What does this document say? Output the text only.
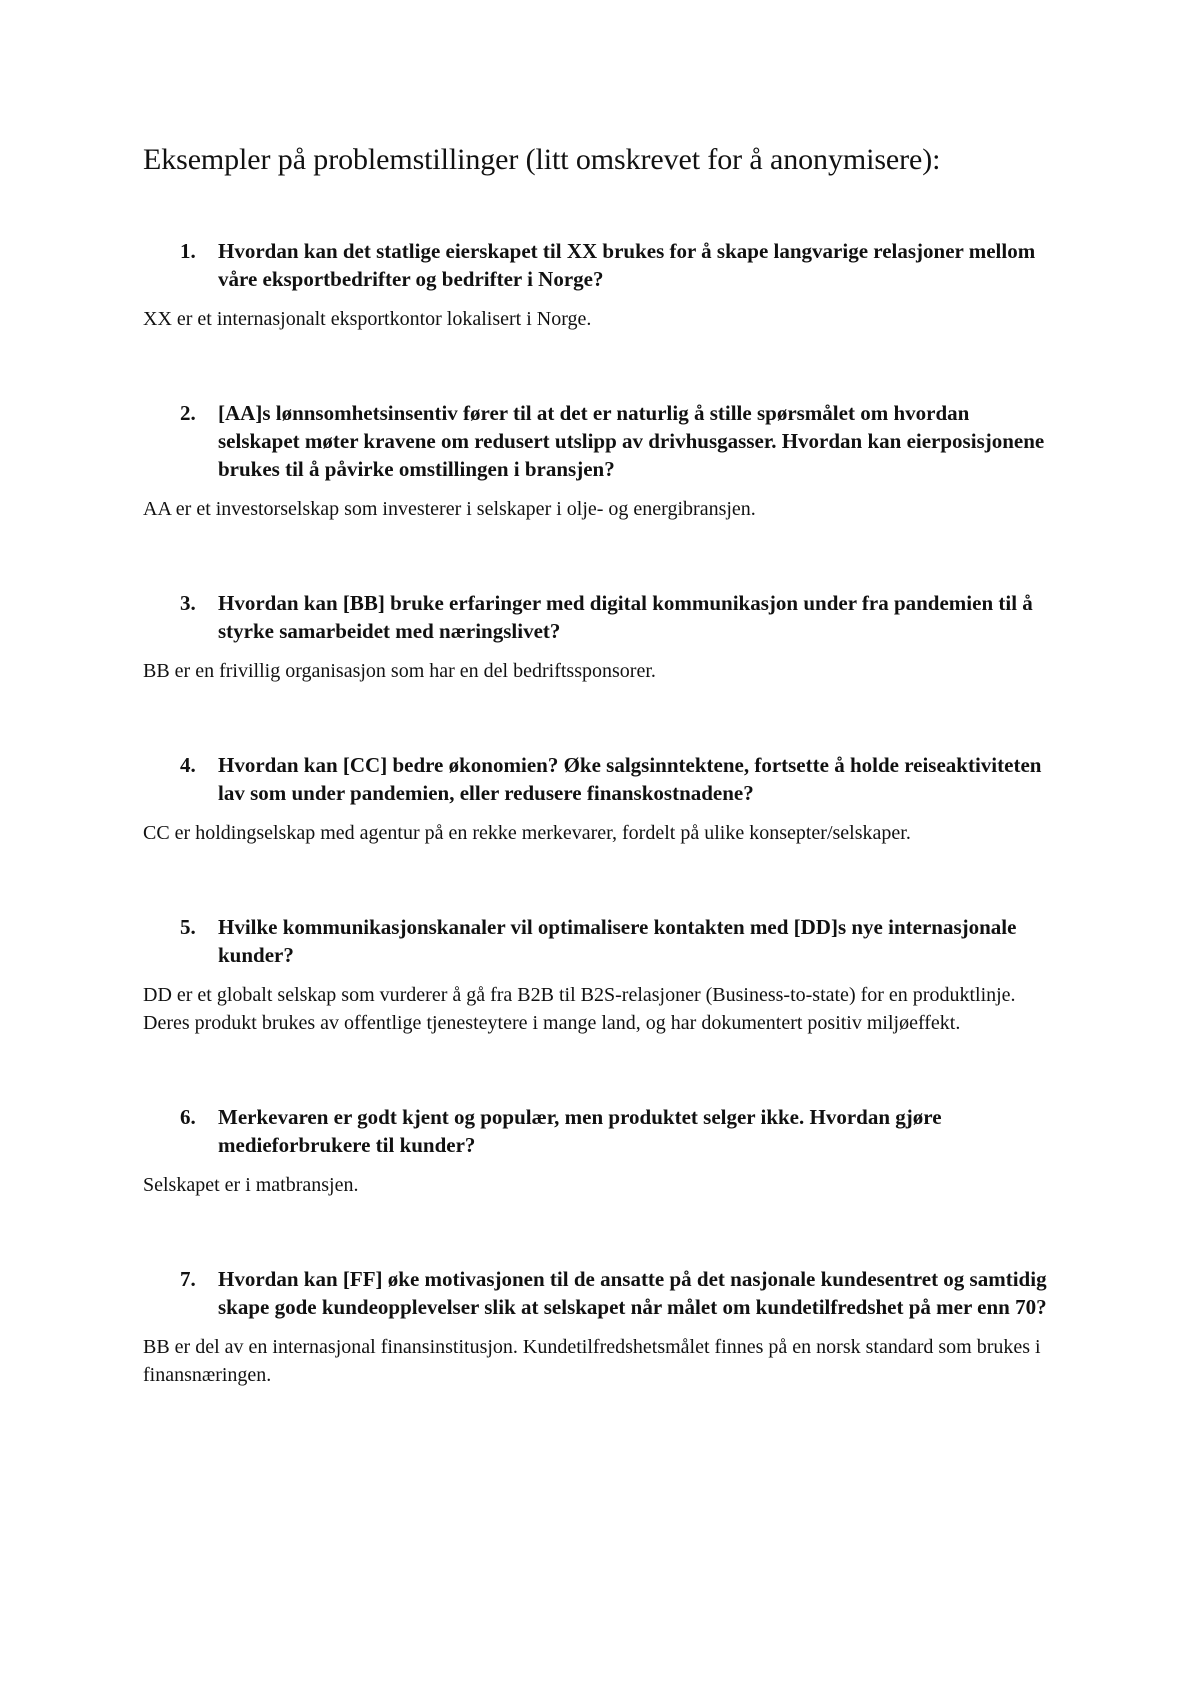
Eksempler på problemstillinger (litt omskrevet for å anonymisere):

1. Hvordan kan det statlige eierskapet til XX brukes for å skape langvarige relasjoner mellom våre eksportbedrifter og bedrifter i Norge?

XX er et internasjonalt eksportkontor lokalisert i Norge.

2. [AA]s lønnsomhetsinsentiv fører til at det er naturlig å stille spørsmålet om hvordan selskapet møter kravene om redusert utslipp av drivhusgasser. Hvordan kan eierposisjonene brukes til å påvirke omstillingen i bransjen?

AA er et investorselskap som investerer i selskaper i olje- og energibransjen.

3. Hvordan kan [BB] bruke erfaringer med digital kommunikasjon under fra pandemien til å styrke samarbeidet med næringslivet?

BB er en frivillig organisasjon som har en del bedriftssponsorer.

4. Hvordan kan [CC] bedre økonomien? Øke salgsinntektene, fortsette å holde reiseaktiviteten lav som under pandemien, eller redusere finanskostnadene?

CC er holdingselskap med agentur på en rekke merkevarer, fordelt på ulike konsepter/selskaper.

5. Hvilke kommunikasjonskanaler vil optimalisere kontakten med [DD]s nye internasjonale kunder?

DD er et globalt selskap som vurderer å gå fra B2B til B2S-relasjoner (Business-to-state) for en produktlinje. Deres produkt brukes av offentlige tjenesteytere i mange land, og har dokumentert positiv miljøeffekt.

6. Merkevaren er godt kjent og populær, men produktet selger ikke. Hvordan gjøre medieforbrukere til kunder?

Selskapet er i matbransjen.

7. Hvordan kan [FF] øke motivasjonen til de ansatte på det nasjonale kundesentret og samtidig skape gode kundeopplevelser slik at selskapet når målet om kundetilfredshet på mer enn 70?

BB er del av en internasjonal finansinstitusjon. Kundetilfredshetsmålet finnes på en norsk standard som brukes i finansnæringen.
